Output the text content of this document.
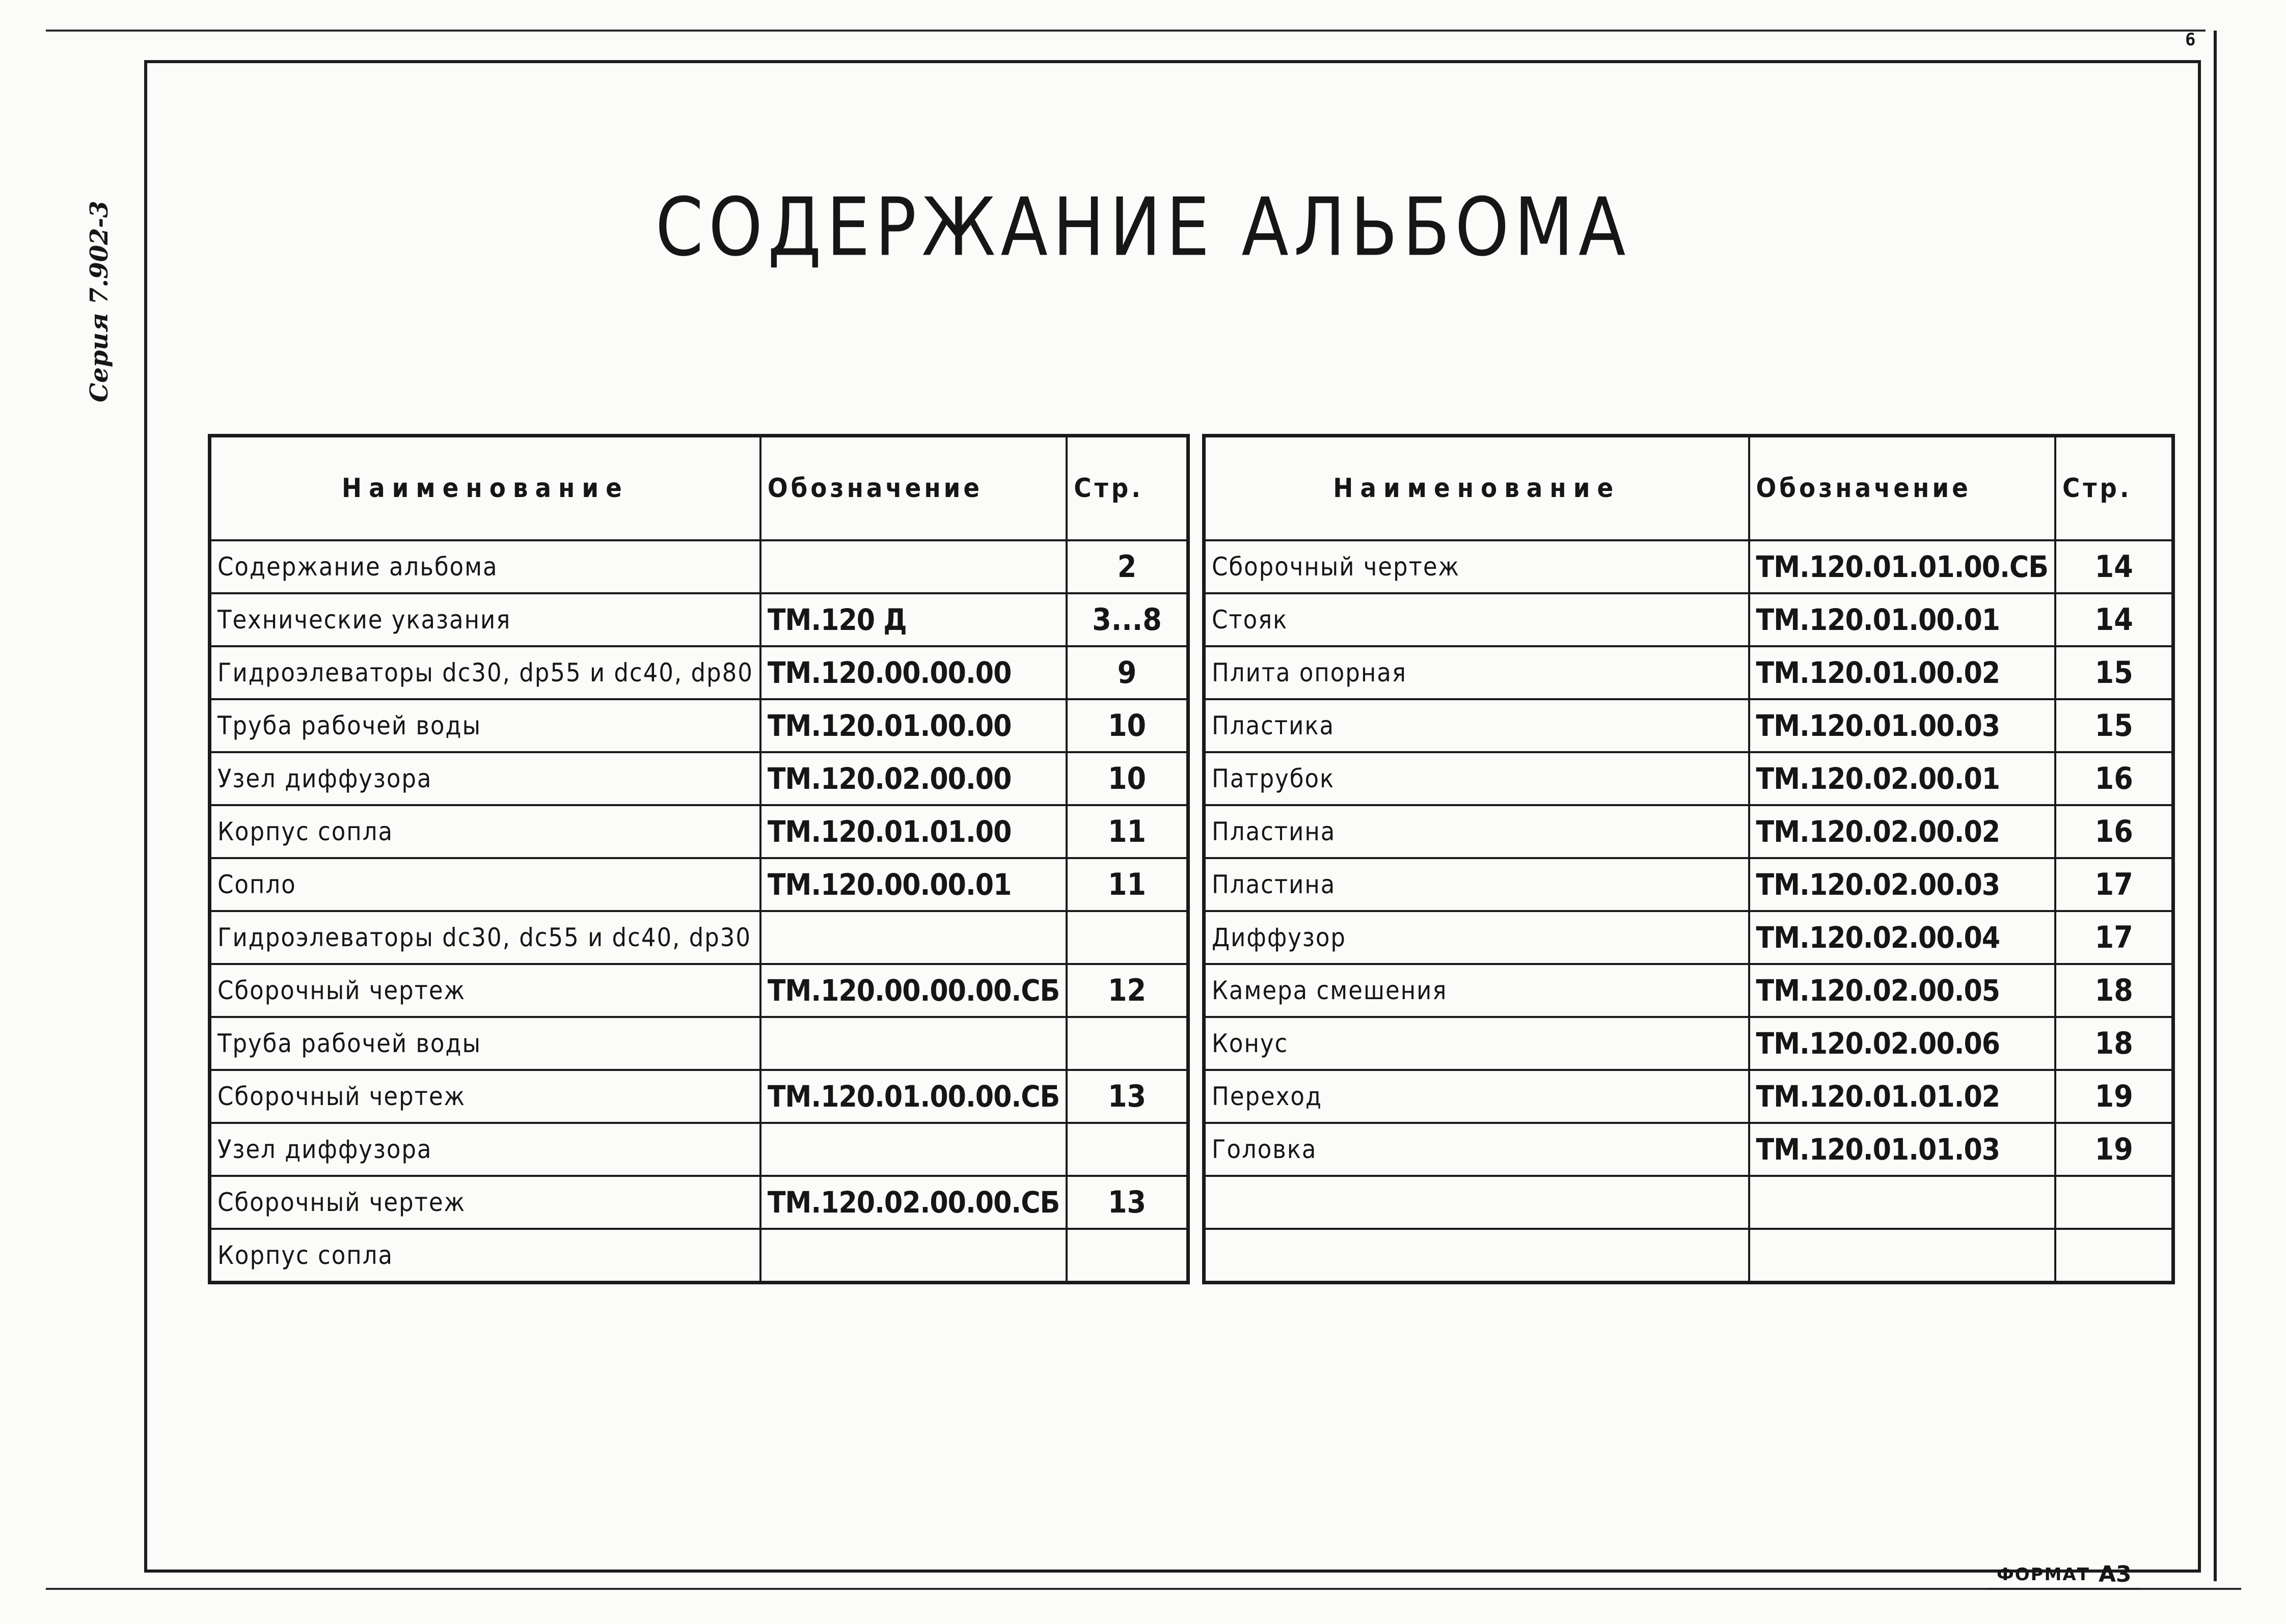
6
Серия 7.902-3	СОДЕРЖАНИЕ АЛЬБОМА
Наименование	Обозначение	Стр.
Содержание альбома		2
Технические указания	ТМ.120 Д	3...8
Гидроэлеваторы dс30, dр55 и dс40, dр80	ТМ.120.00.00.00	9
Труба рабочей воды	ТМ.120.01.00.00	10
Узел диффузора	ТМ.120.02.00.00	10
Корпус сопла	ТМ.120.01.01.00	11
Сопло	ТМ.120.00.00.01	11
Гидроэлеваторы dс30, dс55 и dс40, dр30		
Сборочный чертеж	ТМ.120.00.00.00.СБ	12
Труба рабочей воды		
Сборочный чертеж	ТМ.120.01.00.00.СБ	13
Узел диффузора		
Сборочный чертеж	ТМ.120.02.00.00.СБ	13
Корпус сопла		
Наименование	Обозначение	Стр.
Сборочный чертеж	ТМ.120.01.01.00.СБ	14
Стояк	ТМ.120.01.00.01	14
Плита опорная	ТМ.120.01.00.02	15
Пластика	ТМ.120.01.00.03	15
Патрубок	ТМ.120.02.00.01	16
Пластина	ТМ.120.02.00.02	16
Пластина	ТМ.120.02.00.03	17
Диффузор	ТМ.120.02.00.04	17
Камера смешения	ТМ.120.02.00.05	18
Конус	ТМ.120.02.00.06	18
Переход	ТМ.120.01.01.02	19
Головка	ТМ.120.01.01.03	19

ФОРМАТ А3
